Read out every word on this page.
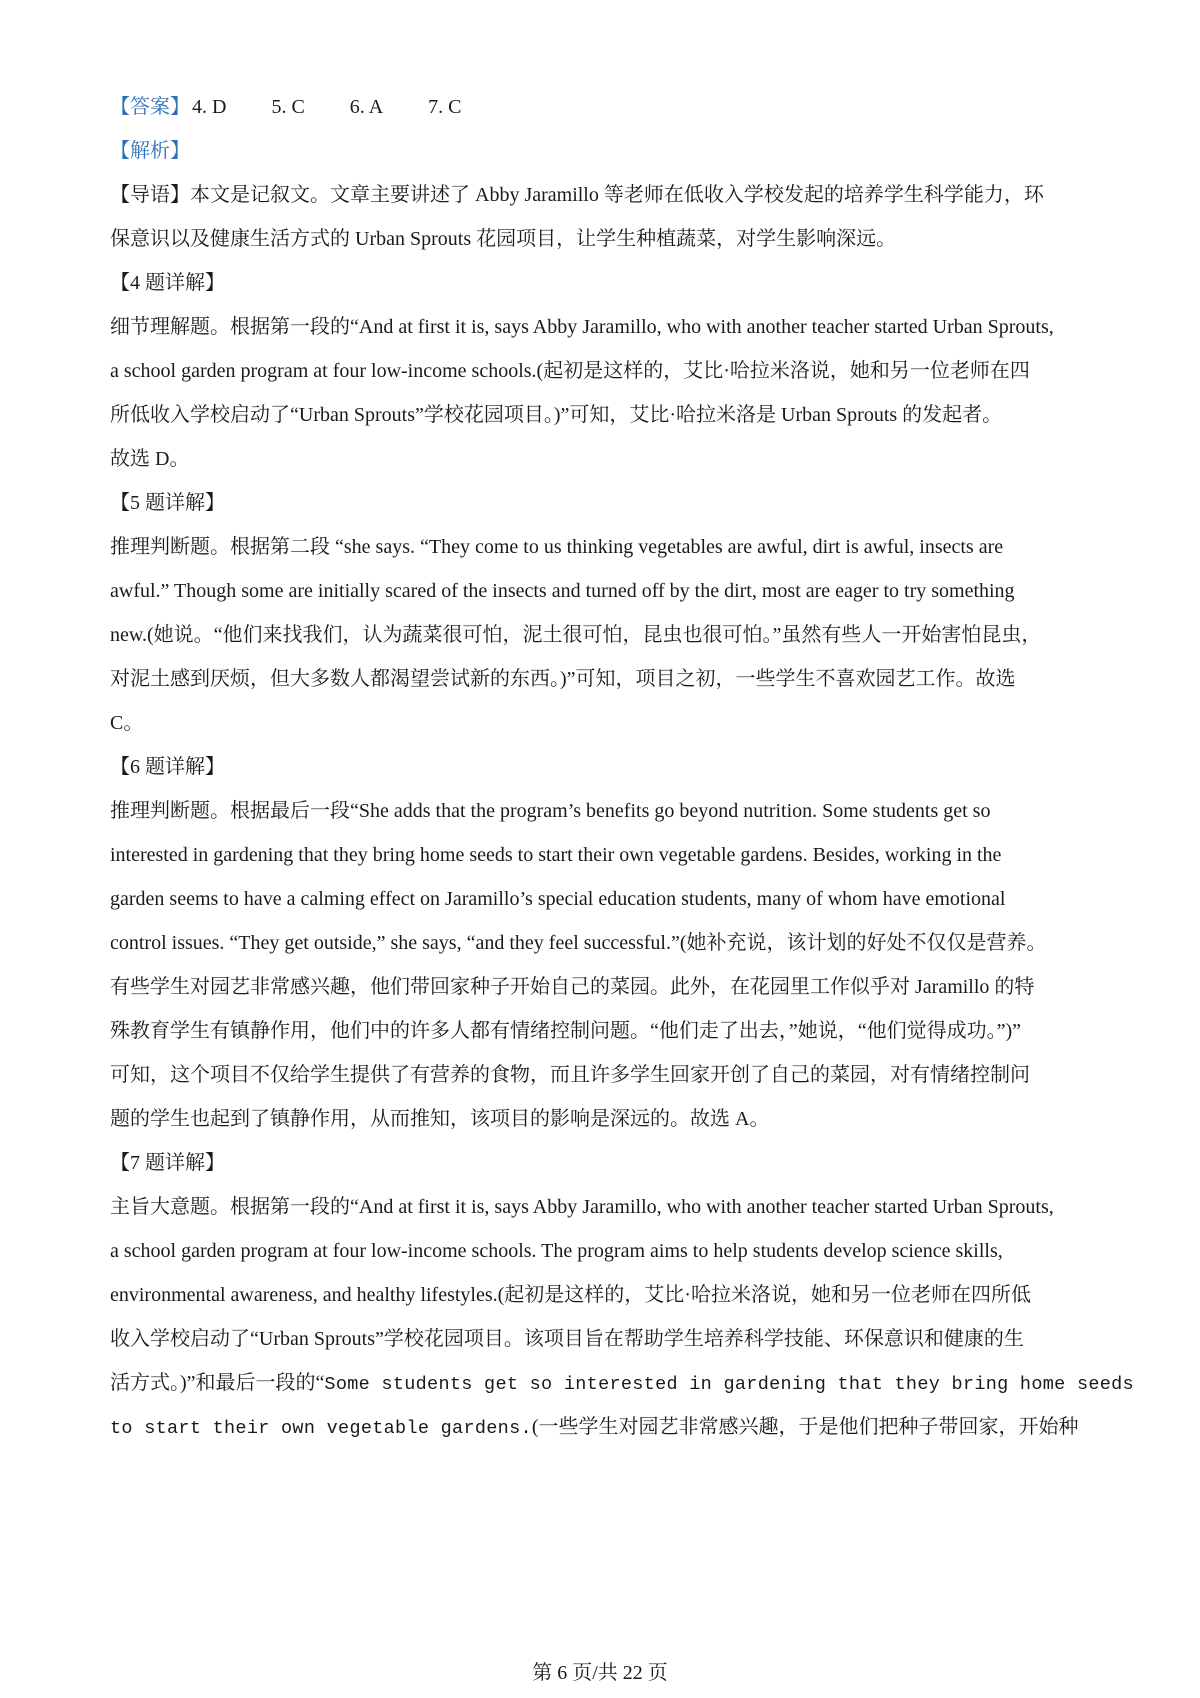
【答案】 4. D 5. C 6. A 7. C
【解析】
【导语】本文是记叙文。文章主要讲述了 Abby Jaramillo 等老师在低收入学校发起的培养学生科学能力，环
保意识以及健康生活方式的 Urban Sprouts 花园项目，让学生种植蔬菜，对学生影响深远。
【4 题详解】
细节理解题。根据第一段的“And at first it is, says Abby Jaramillo, who with another teacher started Urban Sprouts,
a school garden program at four low-income schools.(起初是这样的，艾比·哈拉米洛说，她和另一位老师在四
所低收入学校启动了“Urban Sprouts”学校花园项目。)”可知，艾比·哈拉米洛是 Urban Sprouts 的发起者。
故选 D。
【5 题详解】
推理判断题。根据第二段 “she says. “They come to us thinking vegetables are awful, dirt is awful, insects are
awful.” Though some are initially scared of the insects and turned off by the dirt, most are eager to try something
new.(她说。“他们来找我们，认为蔬菜很可怕，泥土很可怕，昆虫也很可怕。”虽然有些人一开始害怕昆虫，
对泥土感到厌烦，但大多数人都渴望尝试新的东西。)”可知，项目之初，一些学生不喜欢园艺工作。故选
C。
【6 题详解】
推理判断题。根据最后一段“She adds that the program’s benefits go beyond nutrition. Some students get so
interested in gardening that they bring home seeds to start their own vegetable gardens. Besides, working in the
garden seems to have a calming effect on Jaramillo’s special education students, many of whom have emotional
control issues. “They get outside,” she says, “and they feel successful.”(她补充说，该计划的好处不仅仅是营养。
有些学生对园艺非常感兴趣，他们带回家种子开始自己的菜园。此外，在花园里工作似乎对 Jaramillo 的特
殊教育学生有镇静作用，他们中的许多人都有情绪控制问题。“他们走了出去，”她说，“他们觉得成功。”)”
可知，这个项目不仅给学生提供了有营养的食物，而且许多学生回家开创了自己的菜园，对有情绪控制问
题的学生也起到了镇静作用，从而推知，该项目的影响是深远的。故选 A。
【7 题详解】
主旨大意题。根据第一段的“And at first it is, says Abby Jaramillo, who with another teacher started Urban Sprouts,
a school garden program at four low-income schools. The program aims to help students develop science skills,
environmental awareness, and healthy lifestyles.(起初是这样的，艾比·哈拉米洛说，她和另一位老师在四所低
收入学校启动了“Urban Sprouts”学校花园项目。该项目旨在帮助学生培养科学技能、环保意识和健康的生
活方式。)”和最后一段的“Some students get so interested in gardening that they bring home seeds
to start their own vegetable gardens.(一些学生对园艺非常感兴趣，于是他们把种子带回家，开始种
第 6 页/共 22 页
